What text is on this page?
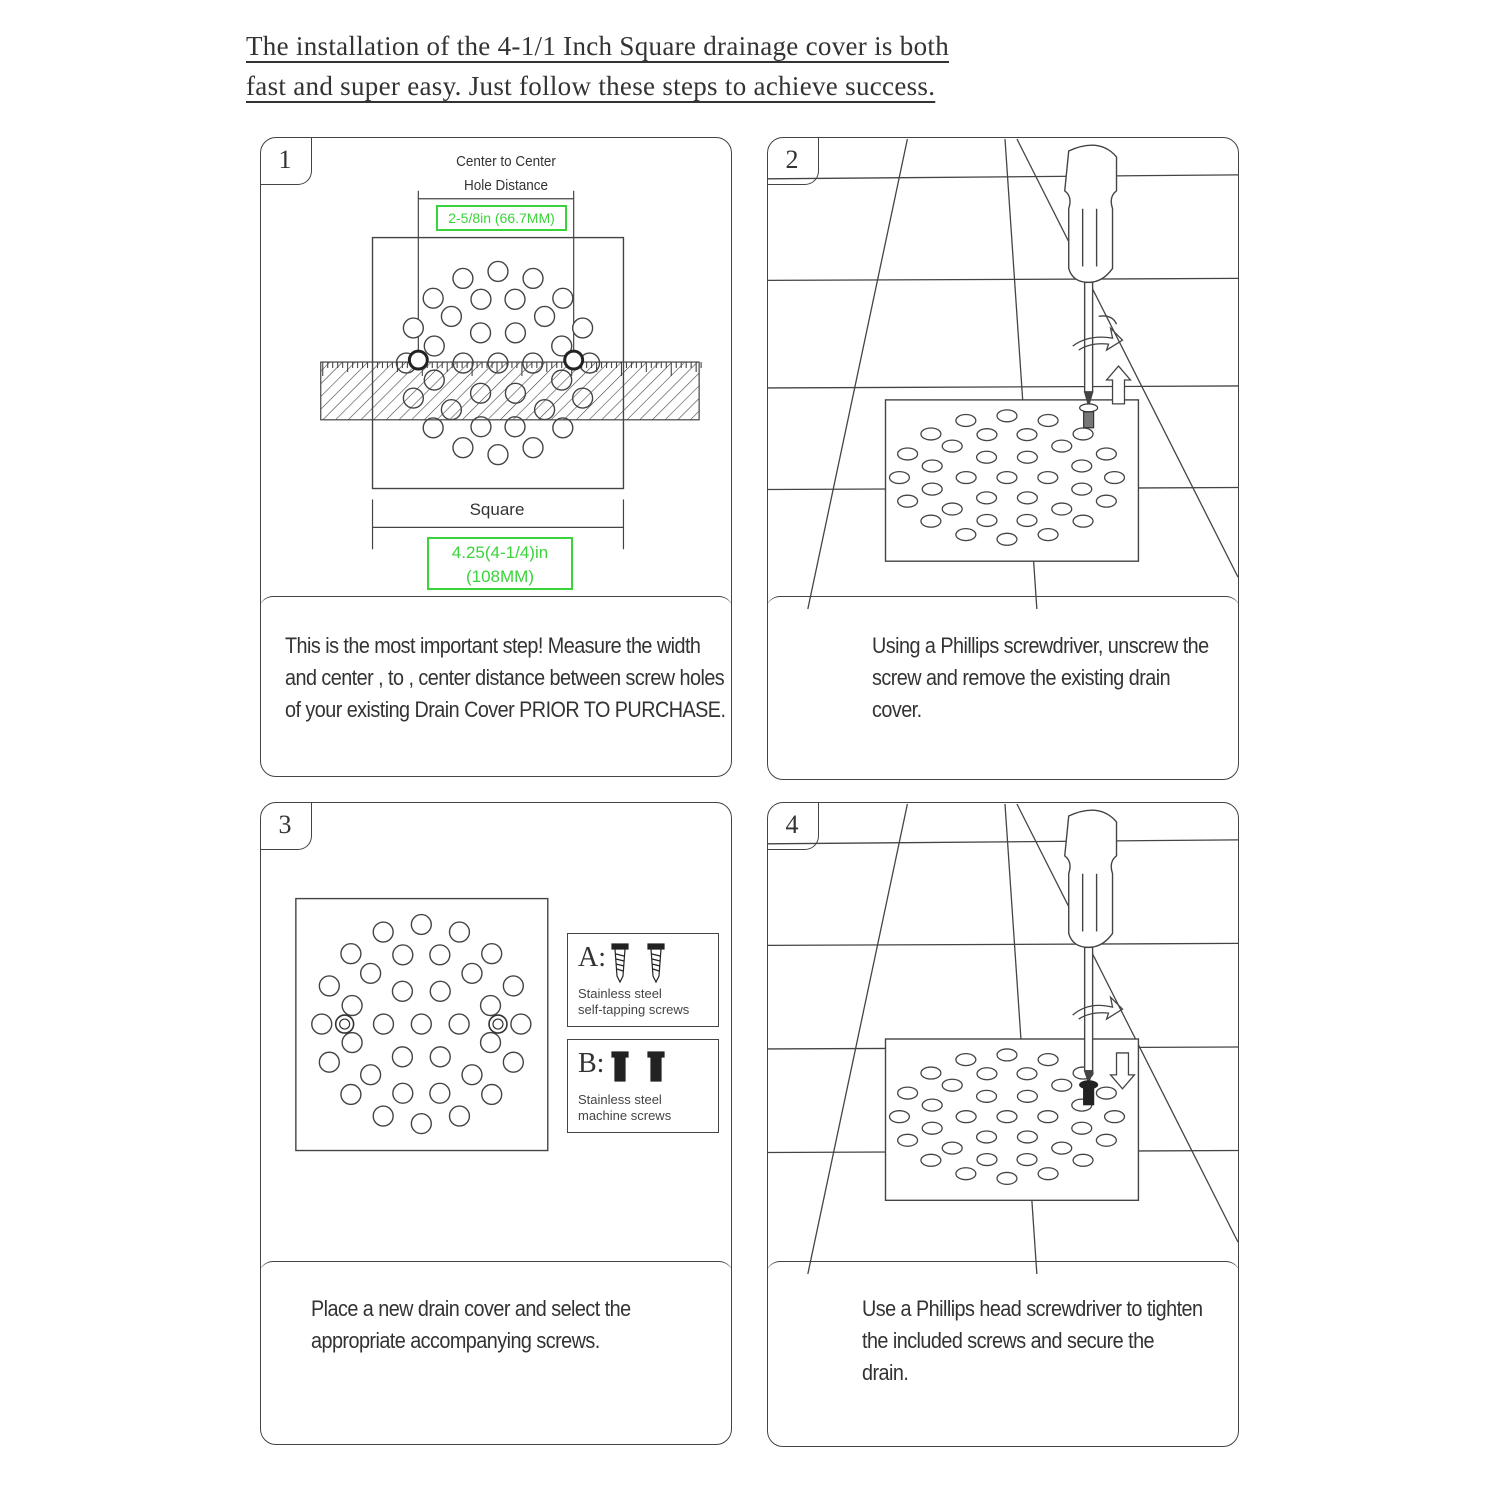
The installation of the 4-1/1 Inch Square drainage cover is both
fast and super easy. Just follow these steps to achieve success.
Center to Center
Hole Distance
2-5/8in (66.7MM)
Square
4.25(4-1/4)in
(108MM)
1
This is the most important step! Measure the width and center , to , center distance between screw holes of your existing Drain Cover PRIOR TO PURCHASE.
2
Using a Phillips screwdriver, unscrew the screw and remove the existing drain cover.
A:
Stainless steel
self-tapping screws
B:
Stainless steel
machine screws
3
Place a new drain cover and select the appropriate accompanying screws.
4
Use a Phillips head screwdriver to tighten the included screws and secure the drain.
